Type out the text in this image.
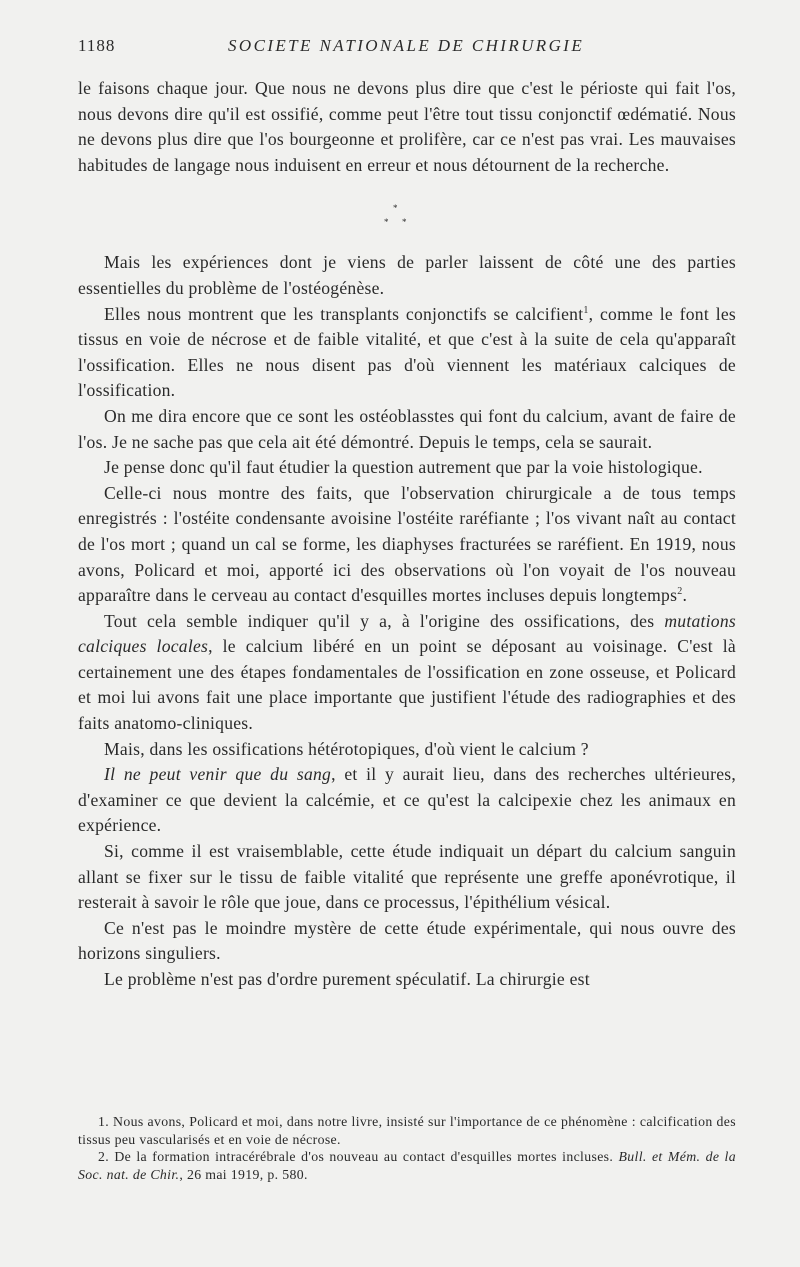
1188	SOCIETE NATIONALE DE CHIRURGIE

le faisons chaque jour. Que nous ne devons plus dire que c'est le périoste qui fait l'os, nous devons dire qu'il est ossifié, comme peut l'être tout tissu conjonctif œdématié. Nous ne devons plus dire que l'os bourgeonne et prolifère, car ce n'est pas vrai. Les mauvaises habitudes de langage nous induisent en erreur et nous détournent de la recherche.

*
* *

Mais les expériences dont je viens de parler laissent de côté une des parties essentielles du problème de l'ostéogénèse.

Elles nous montrent que les transplants conjonctifs se calcifient$^1$, comme le font les tissus en voie de nécrose et de faible vitalité, et que c'est à la suite de cela qu'apparaît l'ossification. Elles ne nous disent pas d'où viennent les matériaux calciques de l'ossification.

On me dira encore que ce sont les ostéoblasstes qui font du calcium, avant de faire de l'os. Je ne sache pas que cela ait été démontré. Depuis le temps, cela se saurait.

Je pense donc qu'il faut étudier la question autrement que par la voie histologique.

Celle-ci nous montre des faits, que l'observation chirurgicale a de tous temps enregistrés : l'ostéite condensante avoisine l'ostéite raréfiante ; l'os vivant naît au contact de l'os mort ; quand un cal se forme, les diaphyses fracturées se raréfient. En 1919, nous avons, Policard et moi, apporté ici des observations où l'on voyait de l'os nouveau apparaître dans le cerveau au contact d'esquilles mortes incluses depuis longtemps$^2$.

Tout cela semble indiquer qu'il y a, à l'origine des ossifications, des mutations calciques locales, le calcium libéré en un point se déposant au voisinage. C'est là certainement une des étapes fondamentales de l'ossification en zone osseuse, et Policard et moi lui avons fait une place importante que justifient l'étude des radiographies et des faits anatomo-cliniques.

Mais, dans les ossifications hétérotopiques, d'où vient le calcium ?

Il ne peut venir que du sang, et il y aurait lieu, dans des recherches ultérieures, d'examiner ce que devient la calcémie, et ce qu'est la calcipexie chez les animaux en expérience.

Si, comme il est vraisemblable, cette étude indiquait un départ du calcium sanguin allant se fixer sur le tissu de faible vitalité que représente une greffe aponévrotique, il resterait à savoir le rôle que joue, dans ce processus, l'épithélium vésical.

Ce n'est pas le moindre mystère de cette étude expérimentale, qui nous ouvre des horizons singuliers.

Le problème n'est pas d'ordre purement spéculatif. La chirurgie est

1. Nous avons, Policard et moi, dans notre livre, insisté sur l'importance de ce phénomène : calcification des tissus peu vascularisés et en voie de nécrose.

2. De la formation intracérébrale d'os nouveau au contact d'esquilles mortes incluses. Bull. et Mém. de la Soc. nat. de Chir., 26 mai 1919, p. 580.
